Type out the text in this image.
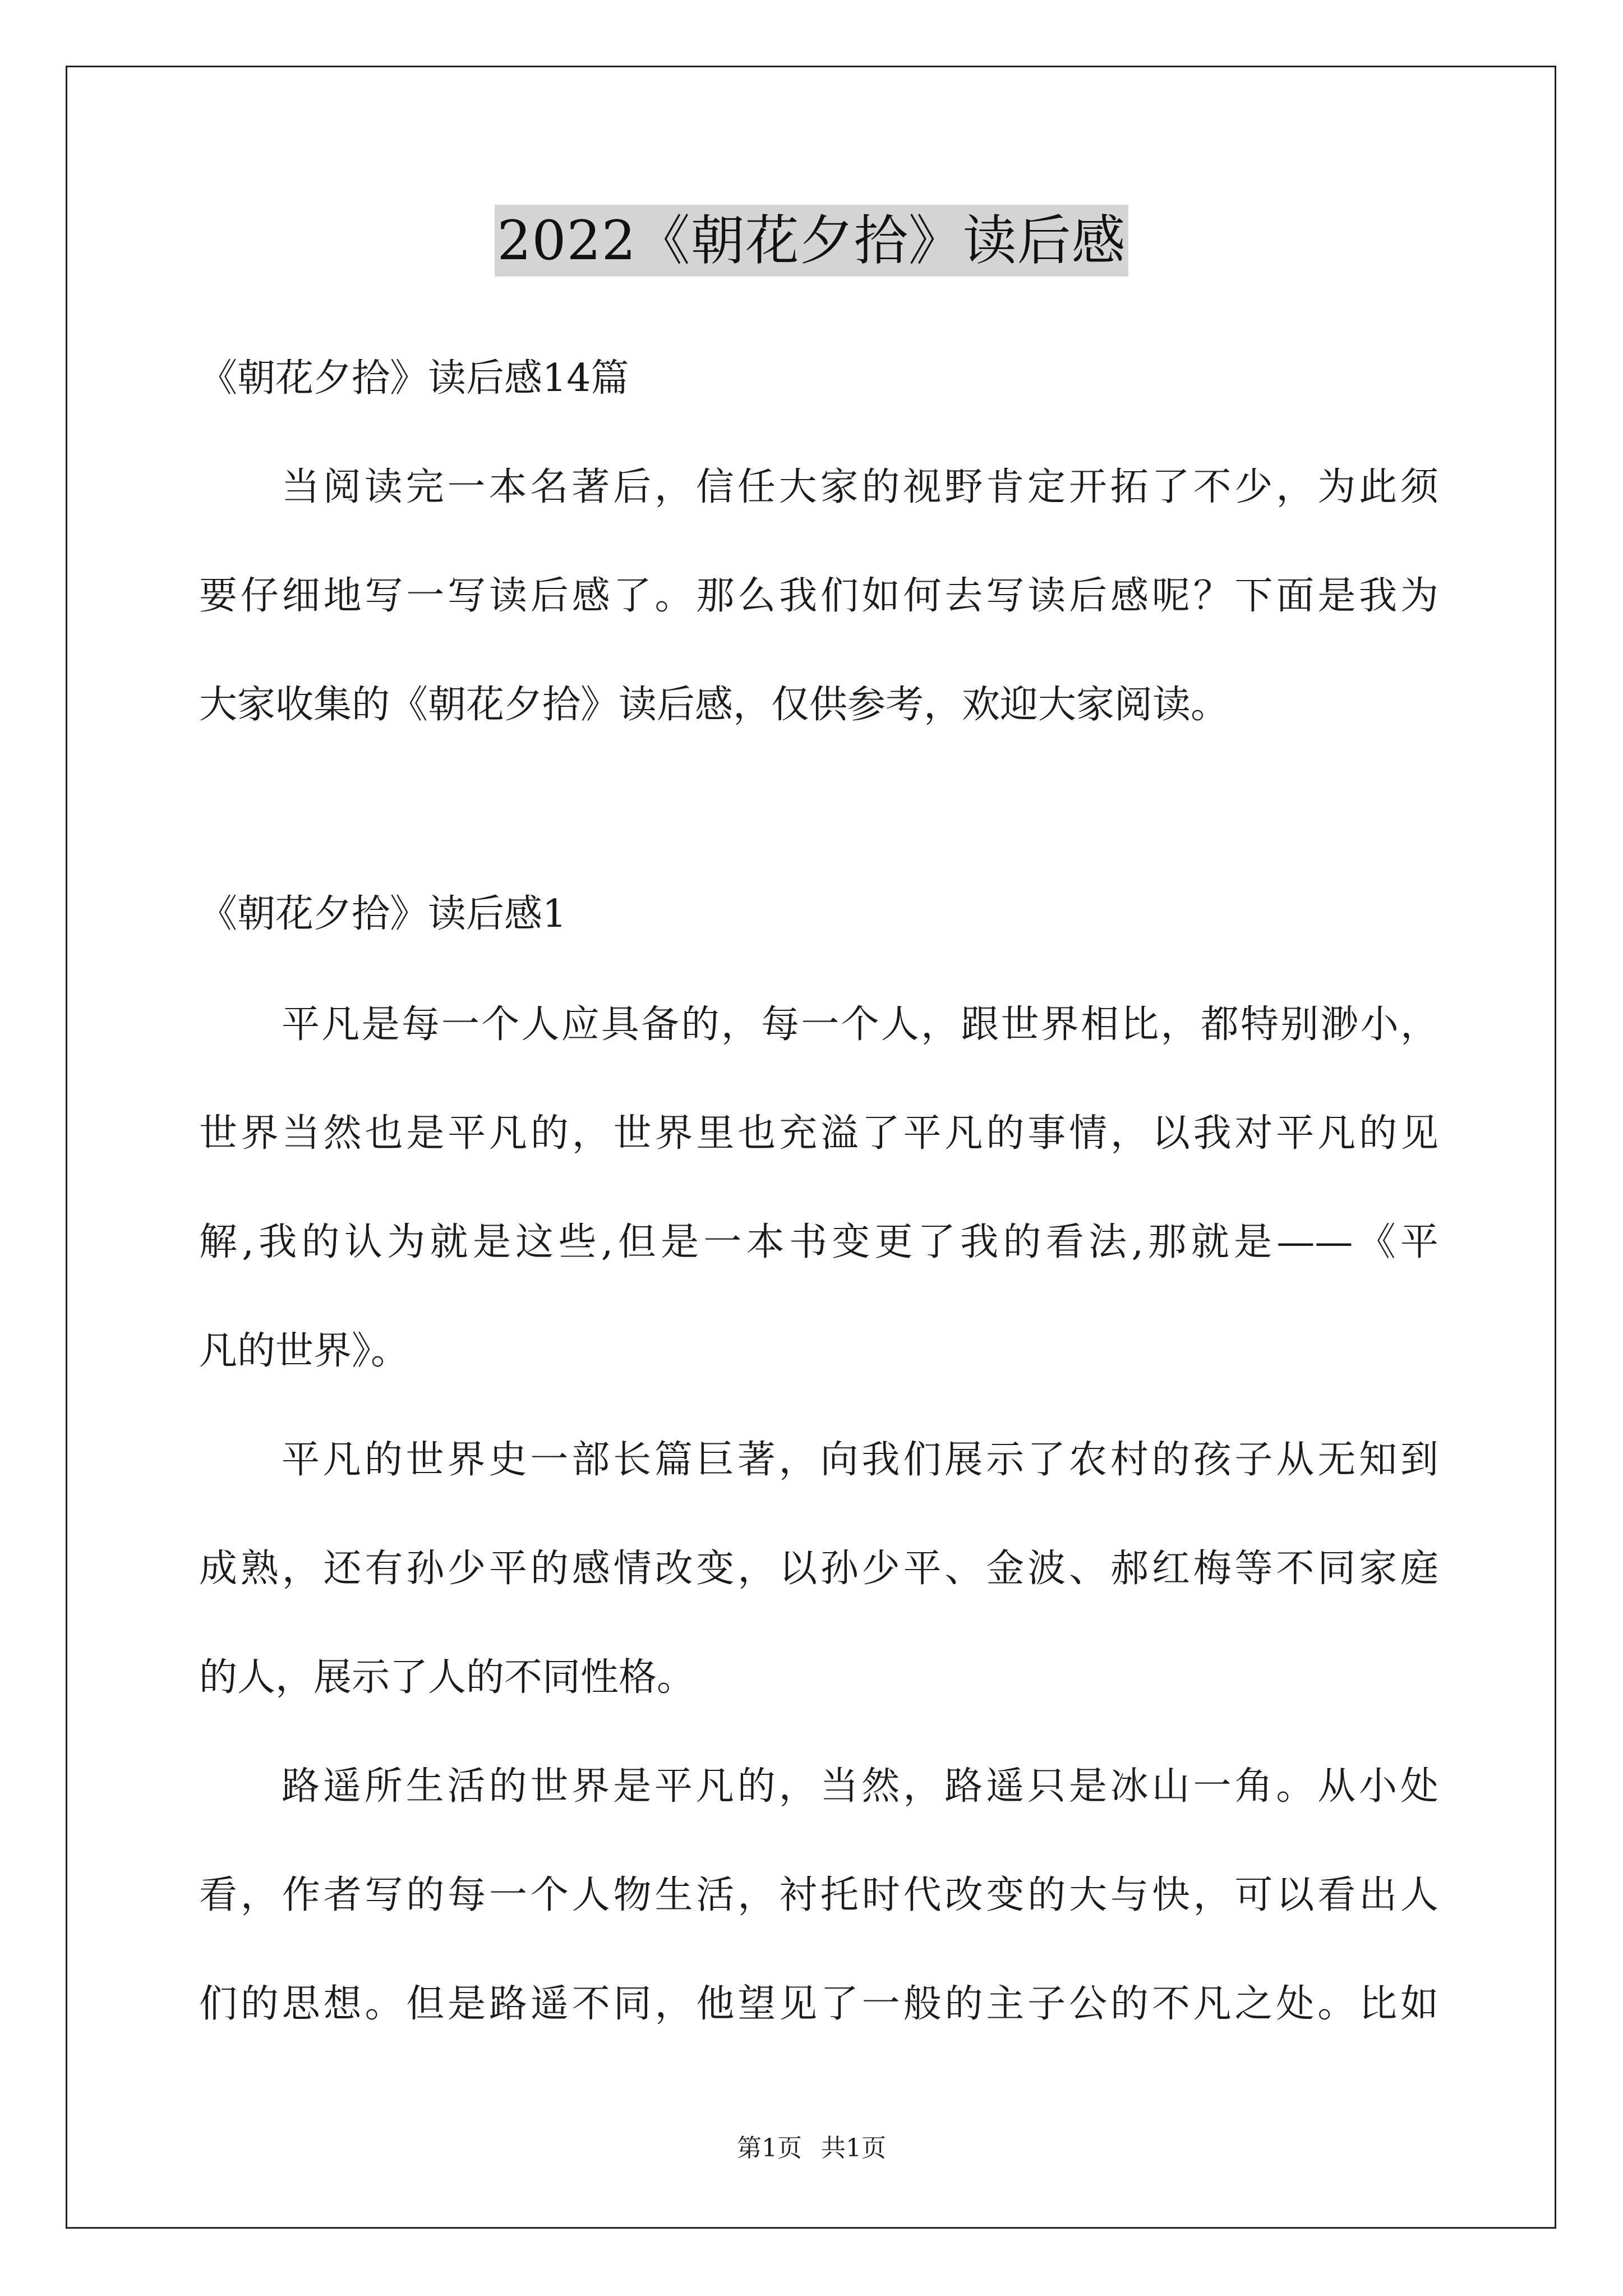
2022《朝花夕拾》读后感
《朝花夕拾》读后感14篇
当阅读完一本名著后，信任大家的视野肯定开拓了不少，为此须
要仔细地写一写读后感了。那么我们如何去写读后感呢？下面是我为
大家收集的《朝花夕拾》读后感，仅供参考，欢迎大家阅读。
《朝花夕拾》读后感1
平凡是每一个人应具备的，每一个人，跟世界相比，都特别渺小，
世界当然也是平凡的，世界里也充溢了平凡的事情，以我对平凡的见
解,我的认为就是这些,但是一本书变更了我的看法,那就是——《平
凡的世界》。
平凡的世界史一部长篇巨著，向我们展示了农村的孩子从无知到
成熟，还有孙少平的感情改变，以孙少平、金波、郝红梅等不同家庭
的人，展示了人的不同性格。
路遥所生活的世界是平凡的，当然，路遥只是冰山一角。从小处
看，作者写的每一个人物生活，衬托时代改变的大与快，可以看出人
们的思想。但是路遥不同，他望见了一般的主子公的不凡之处。比如
第1页 共1页
